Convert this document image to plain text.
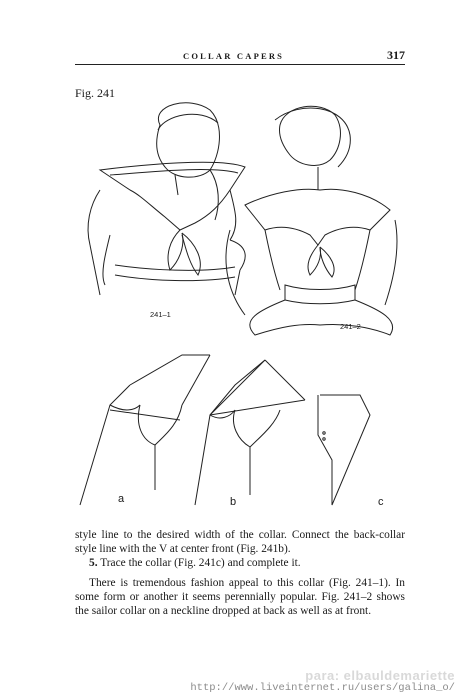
COLLAR CAPERS	317
Fig. 241
241–1
241–2
a	b	c

style line to the desired width of the collar. Connect the back-collar style line with the V at center front (Fig. 241b).

5. Trace the collar (Fig. 241c) and complete it.

There is tremendous fashion appeal to this collar (Fig. 241–1). In some form or another it seems perennially popular. Fig. 241–2 shows the sailor collar on a neckline dropped at back as well as at front.

para: elbauldemariette
http://www.liveinternet.ru/users/galina_o/
